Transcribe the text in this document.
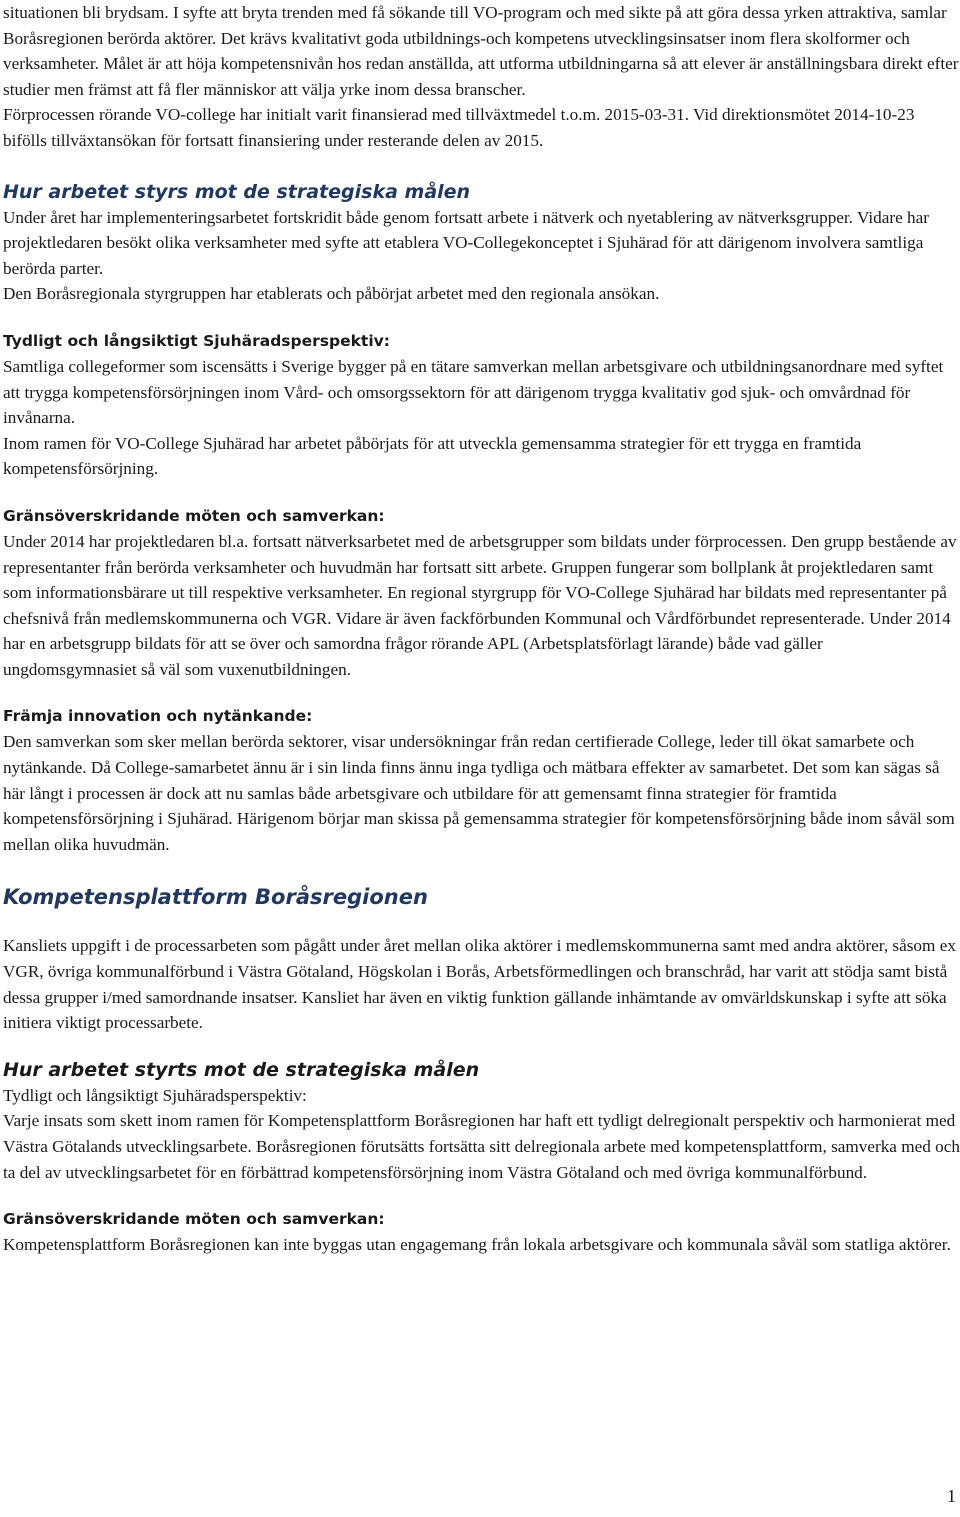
situationen bli brydsam. I syfte att bryta trenden med få sökande till VO-program och med sikte på att göra dessa yrken attraktiva, samlar Boråsregionen berörda aktörer. Det krävs kvalitativt goda utbildnings-och kompetens utvecklingsinsatser inom flera skolformer och verksamheter. Målet är att höja kompetensnivån hos redan anställda, att utforma utbildningarna så att elever är anställningsbara direkt efter studier men främst att få fler människor att välja yrke inom dessa branscher.

Förprocessen rörande VO-college har initialt varit finansierad med tillväxtmedel t.o.m. 2015-03-31. Vid direktionsmötet 2014-10-23 bifölls tillväxtansökan för fortsatt finansiering under resterande delen av 2015.

Hur arbetet styrs mot de strategiska målen

Under året har implementeringsarbetet fortskridit både genom fortsatt arbete i nätverk och nyetablering av nätverksgrupper. Vidare har projektledaren besökt olika verksamheter med syfte att etablera VO-Collegekonceptet i Sjuhärad för att därigenom involvera samtliga berörda parter.

Den Boråsregionala styrgruppen har etablerats och påbörjat arbetet med den regionala ansökan.

Tydligt och långsiktigt Sjuhäradsperspektiv:

Samtliga collegeformer som iscensätts i Sverige bygger på en tätare samverkan mellan arbetsgivare och utbildningsanordnare med syftet att trygga kompetensförsörjningen inom Vård- och omsorgssektorn för att därigenom trygga kvalitativ god sjuk- och omvårdnad för invånarna.

Inom ramen för VO-College Sjuhärad har arbetet påbörjats för att utveckla gemensamma strategier för ett trygga en framtida kompetensförsörjning.

Gränsöverskridande möten och samverkan:

Under 2014 har projektledaren bl.a. fortsatt nätverksarbetet med de arbetsgrupper som bildats under förprocessen. Den grupp bestående av representanter från berörda verksamheter och huvudmän har fortsatt sitt arbete. Gruppen fungerar som bollplank åt projektledaren samt som informationsbärare ut till respektive verksamheter. En regional styrgrupp för VO-College Sjuhärad har bildats med representanter på chefsnivå från medlemskommunerna och VGR. Vidare är även fackförbunden Kommunal och Vårdförbundet representerade. Under 2014 har en arbetsgrupp bildats för att se över och samordna frågor rörande APL (Arbetsplatsförlagt lärande) både vad gäller ungdomsgymnasiet så väl som vuxenutbildningen.

Främja innovation och nytänkande:

Den samverkan som sker mellan berörda sektorer, visar undersökningar från redan certifierade College, leder till ökat samarbete och nytänkande. Då College-samarbetet ännu är i sin linda finns ännu inga tydliga och mätbara effekter av samarbetet. Det som kan sägas så här långt i processen är dock att nu samlas både arbetsgivare och utbildare för att gemensamt finna strategier för framtida kompetensförsörjning i Sjuhärad. Härigenom börjar man skissa på gemensamma strategier för kompetensförsörjning både inom såväl som mellan olika huvudmän.

Kompetensplattform Boråsregionen

Kansliets uppgift i de processarbeten som pågått under året mellan olika aktörer i medlemskommunerna samt med andra aktörer, såsom ex VGR, övriga kommunalförbund i Västra Götaland, Högskolan i Borås, Arbetsförmedlingen och branschråd, har varit att stödja samt bistå dessa grupper i/med samordnande insatser. Kansliet har även en viktig funktion gällande inhämtande av omvärldskunskap i syfte att söka initiera viktigt processarbete.

Hur arbetet styrts mot de strategiska målen

Tydligt och långsiktigt Sjuhäradsperspektiv:

Varje insats som skett inom ramen för Kompetensplattform Boråsregionen har haft ett tydligt delregionalt perspektiv och harmonierat med Västra Götalands utvecklingsarbete. Boråsregionen förutsätts fortsätta sitt delregionala arbete med kompetensplattform, samverka med och ta del av utvecklingsarbetet för en förbättrad kompetensförsörjning inom Västra Götaland och med övriga kommunalförbund.

Gränsöverskridande möten och samverkan:

Kompetensplattform Boråsregionen kan inte byggas utan engagemang från lokala arbetsgivare och kommunala såväl som statliga aktörer.

1
